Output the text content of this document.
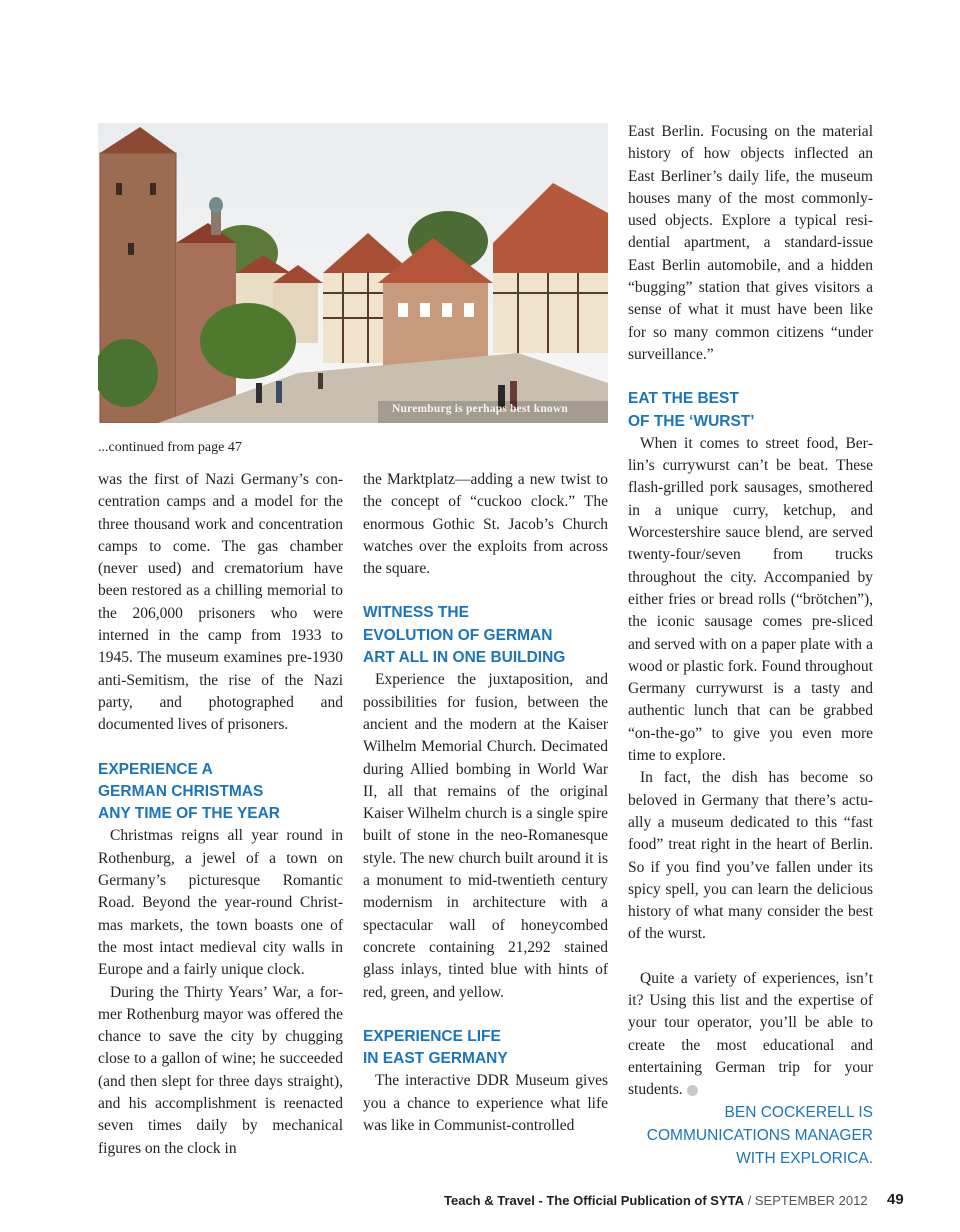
Nuremburg is perhaps best known
...continued from page 47

was the first of Nazi Germany’s concentration camps and a model for the three thousand work and concentration camps to come. The gas chamber (never used) and crematorium have been restored as a chilling memorial to the 206,000 prisoners who were interned in the camp from 1933 to 1945. The museum examines pre-1930 anti-Semitism, the rise of the Nazi party, and photographed and documented lives of prisoners.

EXPERIENCE A
GERMAN CHRISTMAS
ANY TIME OF THE YEAR

Christmas reigns all year round in Rothenburg, a jewel of a town on Germany’s picturesque Romantic Road. Beyond the year-round Christmas markets, the town boasts one of the most intact medieval city walls in Europe and a fairly unique clock.

During the Thirty Years’ War, a former Rothenburg mayor was offered the chance to save the city by chugging close to a gallon of wine; he succeeded (and then slept for three days straight), and his accomplishment is reenacted seven times daily by mechanical figures on the clock in

the Marktplatz—adding a new twist to the concept of “cuckoo clock.” The enormous Gothic St. Jacob’s Church watches over the exploits from across the square.

WITNESS THE
EVOLUTION OF GERMAN
ART ALL IN ONE BUILDING

Experience the juxtaposition, and possibilities for fusion, between the ancient and the modern at the Kaiser Wilhelm Memorial Church. Decimated during Allied bombing in World War II, all that remains of the original Kaiser Wilhelm church is a single spire built of stone in the neo-Romanesque style. The new church built around it is a monument to mid-twentieth century modernism in architecture with a spectacular wall of honeycombed concrete containing 21,292 stained glass inlays, tinted blue with hints of red, green, and yellow.

EXPERIENCE LIFE
IN EAST GERMANY

The interactive DDR Museum gives you a chance to experience what life was like in Communist-controlled

East Berlin. Focusing on the material history of how objects inflected an East Berliner’s daily life, the museum houses many of the most commonly-used objects. Explore a typical residential apartment, a standard-issue East Berlin automobile, and a hidden “bugging” station that gives visitors a sense of what it must have been like for so many common citizens “under surveillance.”

EAT THE BEST
OF THE ‘WURST’

When it comes to street food, Berlin’s currywurst can’t be beat. These flash-grilled pork sausages, smothered in a unique curry, ketchup, and Worcestershire sauce blend, are served twenty-four/seven from trucks throughout the city. Accompanied by either fries or bread rolls (“brötchen”), the iconic sausage comes pre-sliced and served with on a paper plate with a wood or plastic fork. Found throughout Germany currywurst is a tasty and authentic lunch that can be grabbed “on-the-go” to give you even more time to explore.

In fact, the dish has become so beloved in Germany that there’s actually a museum dedicated to this “fast food” treat right in the heart of Berlin. So if you find you’ve fallen under its spicy spell, you can learn the delicious history of what many consider the best of the wurst.

Quite a variety of experiences, isn’t it? Using this list and the expertise of your tour operator, you’ll be able to create the most educational and entertaining German trip for your students.

BEN COCKERELL IS
COMMUNICATIONS MANAGER
WITH EXPLORICA.
Teach & Travel - The Official Publication of SYTA / SEPTEMBER 2012 49
